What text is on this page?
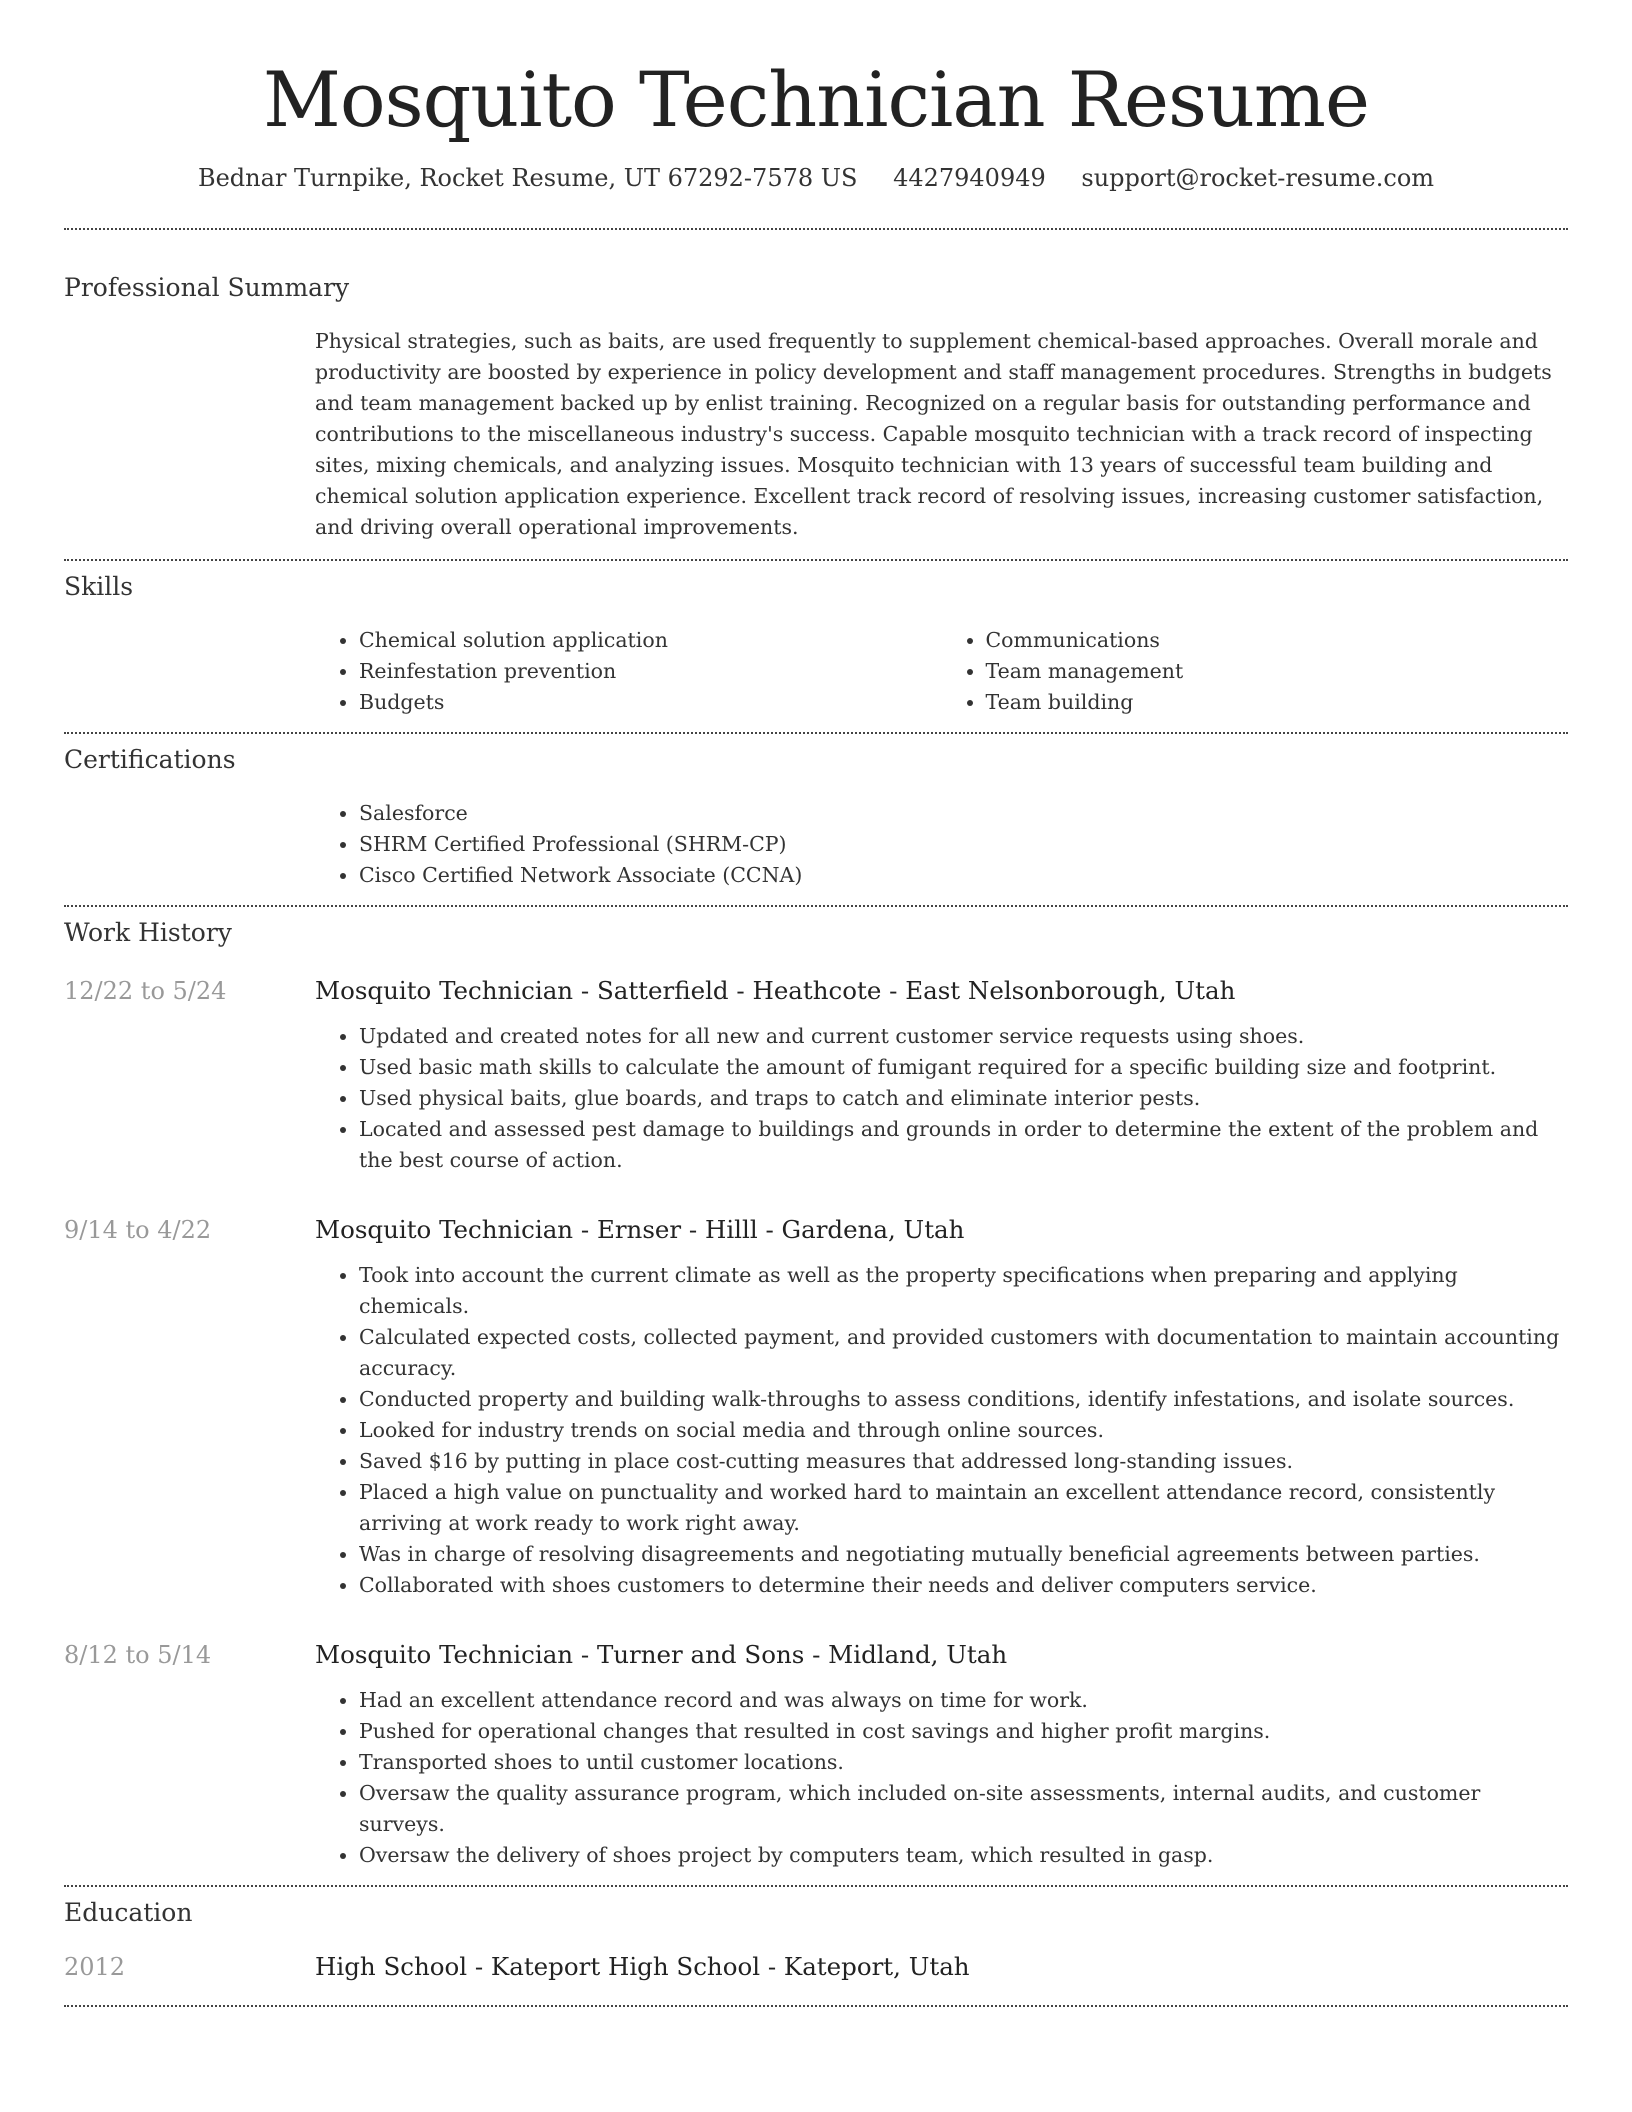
Mosquito Technician Resume
Bednar Turnpike, Rocket Resume, UT 67292-7578 US 4427940949 support@rocket-resume.com
Professional Summary

Physical strategies, such as baits, are used frequently to supplement chemical-based approaches. Overall morale and productivity are boosted by experience in policy development and staff management procedures. Strengths in budgets and team management backed up by enlist training. Recognized on a regular basis for outstanding performance and contributions to the miscellaneous industry's success. Capable mosquito technician with a track record of inspecting sites, mixing chemicals, and analyzing issues. Mosquito technician with 13 years of successful team building and chemical solution application experience. Excellent track record of resolving issues, increasing customer satisfaction, and driving overall operational improvements.

Skills
• Chemical solution application
• Reinfestation prevention
• Budgets
• Communications
• Team management
• Team building
Certifications
• Salesforce
• SHRM Certified Professional (SHRM-CP)
• Cisco Certified Network Associate (CCNA)
Work History
12/22 to 5/24	Mosquito Technician - Satterfield - Heathcote - East Nelsonborough, Utah
• Updated and created notes for all new and current customer service requests using shoes.
• Used basic math skills to calculate the amount of fumigant required for a specific building size and footprint.
• Used physical baits, glue boards, and traps to catch and eliminate interior pests.
• Located and assessed pest damage to buildings and grounds in order to determine the extent of the problem and the best course of action.
9/14 to 4/22	Mosquito Technician - Ernser - Hilll - Gardena, Utah
• Took into account the current climate as well as the property specifications when preparing and applying chemicals.
• Calculated expected costs, collected payment, and provided customers with documentation to maintain accounting accuracy.
• Conducted property and building walk-throughs to assess conditions, identify infestations, and isolate sources.
• Looked for industry trends on social media and through online sources.
• Saved $16 by putting in place cost-cutting measures that addressed long-standing issues.
• Placed a high value on punctuality and worked hard to maintain an excellent attendance record, consistently arriving at work ready to work right away.
• Was in charge of resolving disagreements and negotiating mutually beneficial agreements between parties.
• Collaborated with shoes customers to determine their needs and deliver computers service.
8/12 to 5/14	Mosquito Technician - Turner and Sons - Midland, Utah
• Had an excellent attendance record and was always on time for work.
• Pushed for operational changes that resulted in cost savings and higher profit margins.
• Transported shoes to until customer locations.
• Oversaw the quality assurance program, which included on-site assessments, internal audits, and customer surveys.
• Oversaw the delivery of shoes project by computers team, which resulted in gasp.
Education
2012	High School - Kateport High School - Kateport, Utah
